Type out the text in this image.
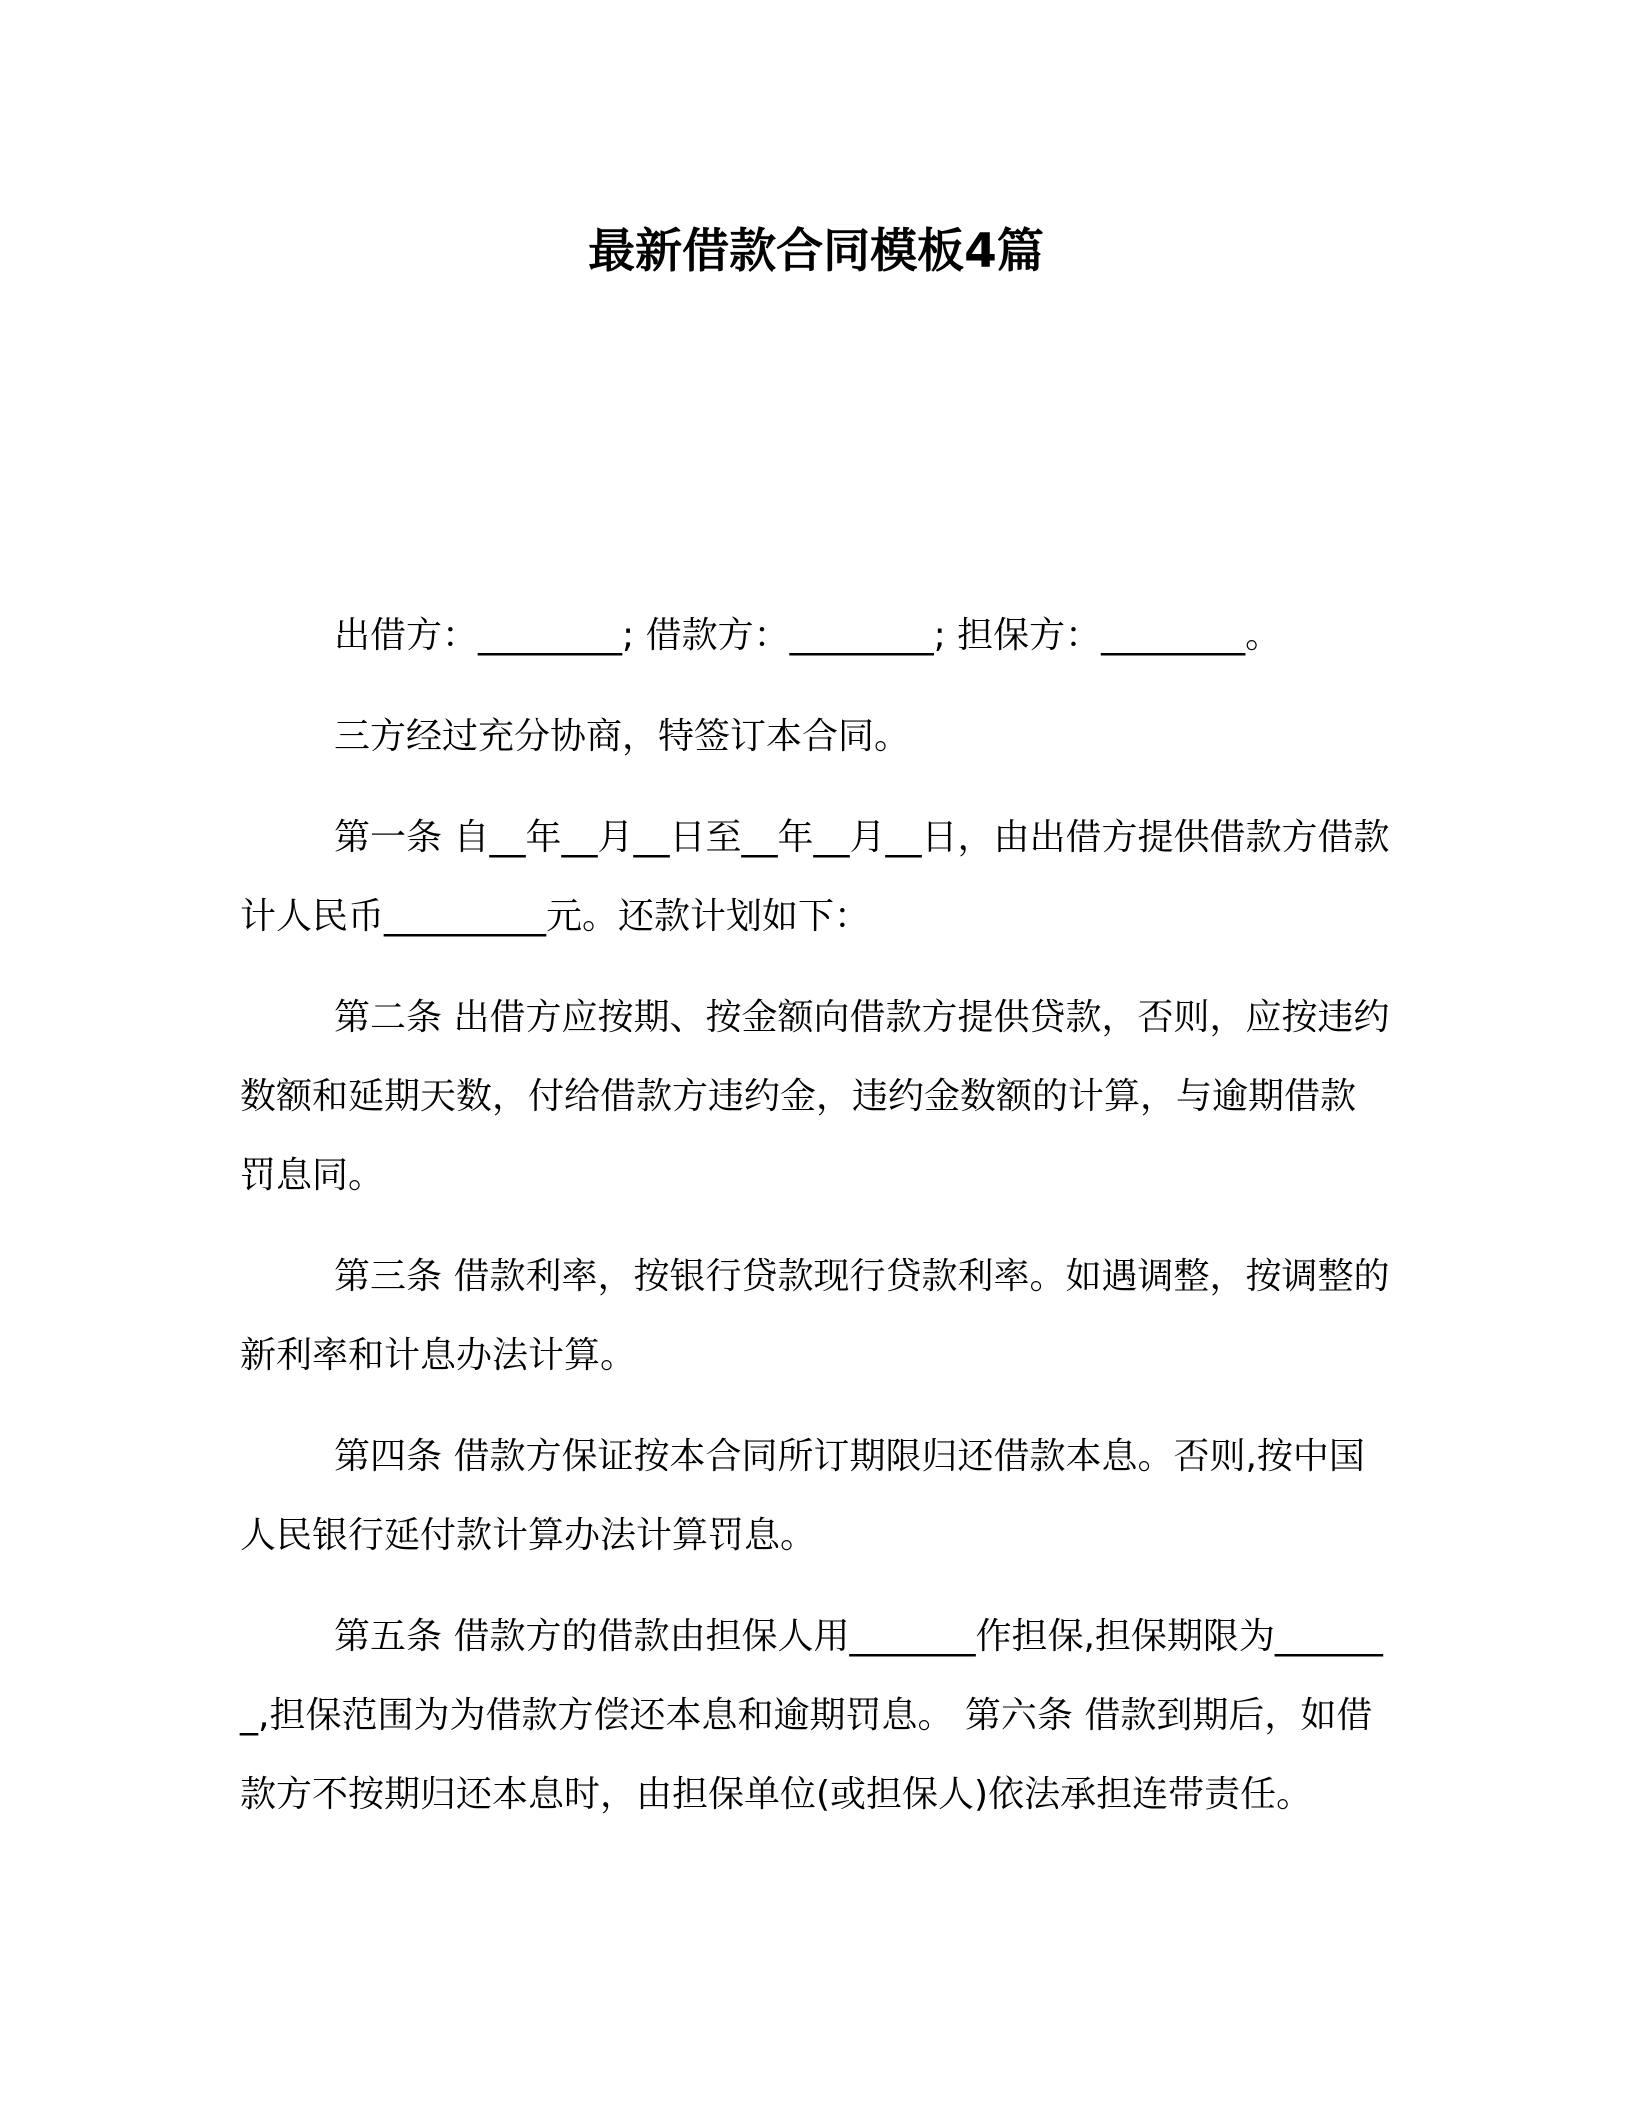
最新借款合同模板4篇

出借方：________; 借款方：________; 担保方：________。

三方经过充分协商，特签订本合同。

第一条 自__年__月__日至__年__月__日，由出借方提供借款方借款计人民币_________元。还款计划如下：

第二条 出借方应按期、按金额向借款方提供贷款，否则，应按违约数额和延期天数，付给借款方违约金，违约金数额的计算，与逾期借款罚息同。

第三条 借款利率，按银行贷款现行贷款利率。如遇调整，按调整的新利率和计息办法计算。

第四条 借款方保证按本合同所订期限归还借款本息。否则,按中国人民银行延付款计算办法计算罚息。

第五条 借款方的借款由担保人用_______作担保,担保期限为_______,担保范围为为借款方偿还本息和逾期罚息。 第六条 借款到期后，如借款方不按期归还本息时，由担保单位(或担保人)依法承担连带责任。
